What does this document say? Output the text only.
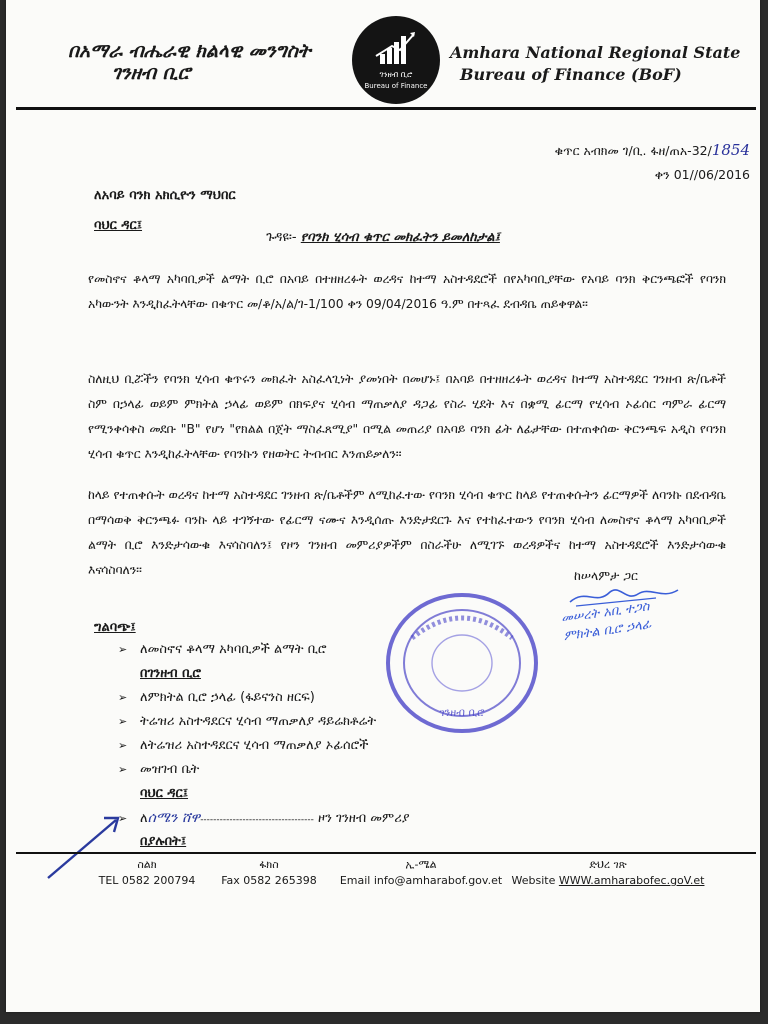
በአማራ ብሔራዊ ክልላዊ መንግስት
ገንዘብ ቢሮ	ገንዘብ ቢሮ
Bureau of Finance
Amhara National Regional State
Bureau of Finance (BoF)
ቁጥር አብክመ ገ/ቢ. ፋዘ/ጠአ-32/1854
ቀን 01//06/2016
ለአባይ ባንክ አክሲዮን ማህበር
ባህር ዳር፤
ጉዳዩ፡- የባንክ ሂሳብ ቁጥር መክፈትን ይመለከታል፤
የመስኖና ቆላማ አካባቢዎች ልማት ቢሮ በአባይ በተዘዘረፉት ወረዳና ከተማ አስተዳደሮች በየአካባቢያቸው የአባይ ባንክ ቅርንጫፎች የባንክ አካውንት እንዲከፈትላቸው በቁጥር መ/ቆ/አ/ል/ገ-1/100 ቀን 09/04/2016 ዓ.ም በተጻፈ ደብዳቤ ጠይቀዋል፡፡
ስለዚህ ቢሯችን የባንክ ሂሳብ ቁጥሩን መክፈት አስፈላጊነት ያመነበት በመሆኑ፤ በአባይ በተዘዘረፉት ወረዳና ከተማ አስተዳደር ገንዘብ ጽ/ቤቶች ስም በኃላፊ ወይም ምክትል ኃላፊ ወይም በክፍያና ሂሳብ ማጠቃለያ ዳጋፊ የስራ ሂደት እና በቋሚ ፊርማ የሂሳብ ኦፊሰር ጣምራ ፊርማ የሚንቀሳቀስ መደቡ "B" የሆነ "የክልል በጀት ማስፈጸሚያ" በሚል መጠሪያ በአባይ ባንክ ፊት ለፊታቸው በተጠቀሰው ቅርንጫፍ አዲስ የባንክ ሂሳብ ቁጥር እንዲከፈትላቸው የባንኩን የዘወትር ትብብር እንጠይቃለን፡፡
ከላይ የተጠቀሱት ወረዳና ከተማ አስተዳደር ገንዘብ ጽ/ቤቶችም ለሚከፈተው የባንክ ሂሳብ ቁጥር ከላይ የተጠቀሱትን ፊርማዎች ለባንኩ በደብዳቤ በማሳወቅ ቅርንጫፉ ባንኩ ላይ ተገኝተው የፊርማ ናሙና እንዲሰጡ እንድታደርጉ እና የተከፈተውን የባንክ ሂሳብ ለመስኖና ቆላማ አካባቢዎች ልማት ቢሮ እንድታሳውቁ እናሳስባለን፤ የዞን ገንዘብ መምሪያዎችም በስራችሁ ለሚገኙ ወረዳዎችና ከተማ አስተዳደሮች እንድታሳውቁ እናሳስባለን፡፡	ከሠላምታ ጋር
መሠረት አቢ ተጋስ ምክትል ቢሮ ኃላፊ
ገንዘብ ቢሮ
ግልባጭ፤
➢ ለመስኖና ቆላማ አካባቢዎች ልማት ቢሮ
በገንዘብ ቢሮ
➢ ለምክትል ቢሮ ኃላፊ (ፋይናንስ ዘርፍ)
➢ ትሬዝሪ አስተዳደርና ሂሳብ ማጠቃለያ ዳይሬክቶሬት
➢ ለትሬዝሪ አስተዳደርና ሂሳብ ማጠቃለያ ኦፊሰሮች
➢ መዝገብ ቤት
ባህር ዳር፤
➢ ለሰሜን ሸዋ----------------------------------- ዞን ገንዘብ መምሪያ
በያሉበት፤
ስልክ
TEL 0582 200794
ፋክስ
Fax 0582 265398
ኢ-ሜል
Email info@amharabof.gov.et
ድህረ ገጽ
Website WWW.amharabofec.goV.et
